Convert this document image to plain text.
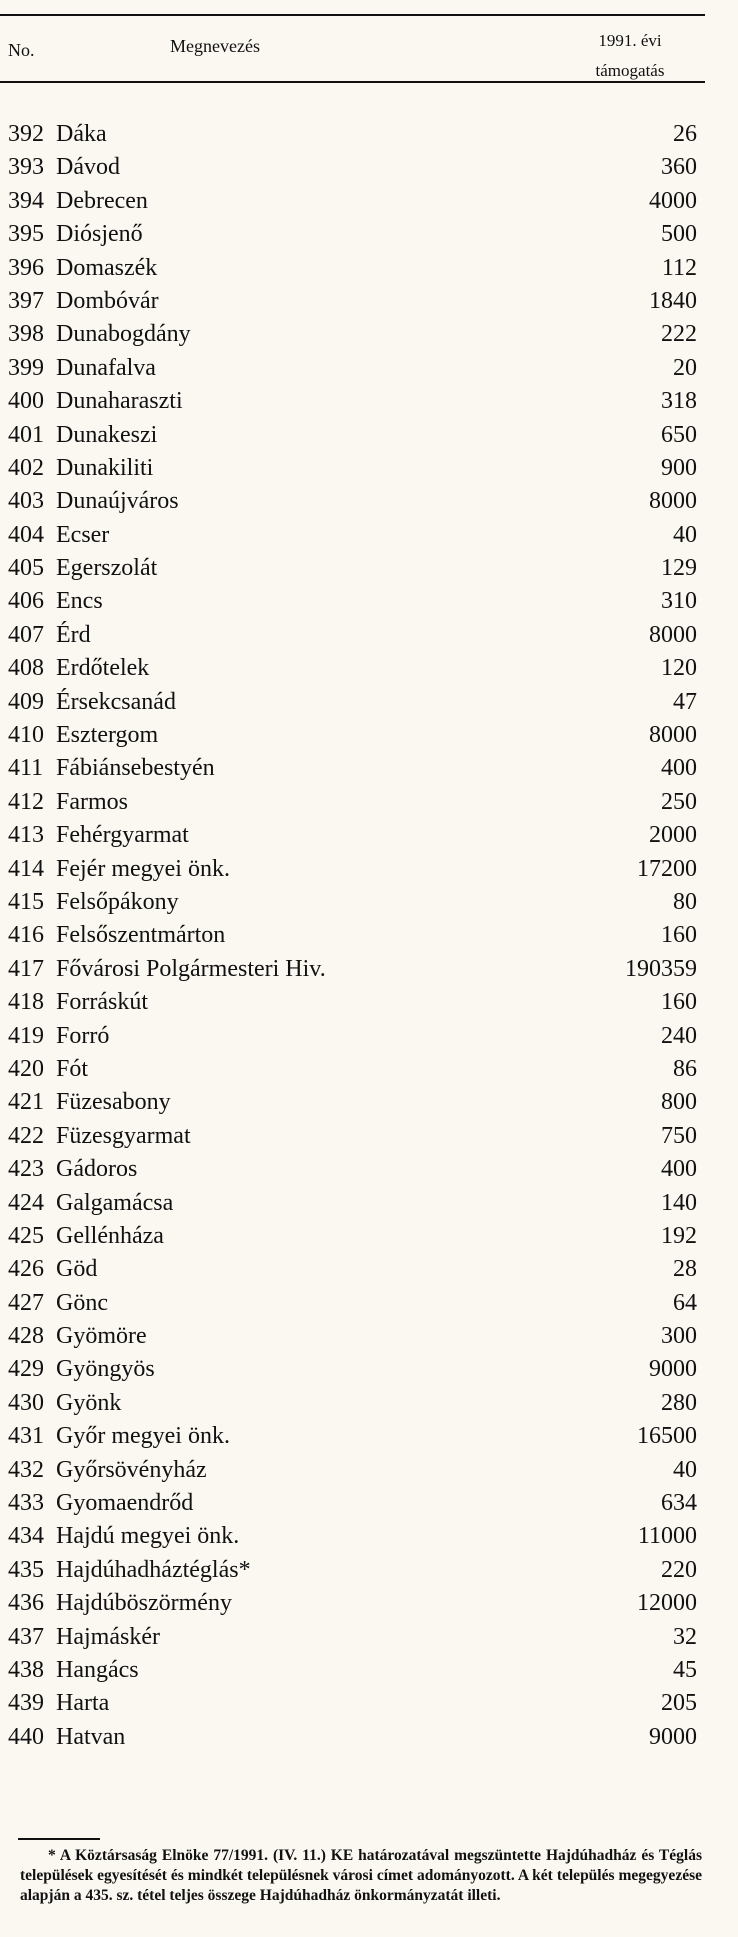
No.	Megnevezés	1991. évi
támogatás
392 Dáka	26
393 Dávod	360
394 Debrecen	4000
395 Diósjenő	500
396 Domaszék	112
397 Dombóvár	1840
398 Dunabogdány	222
399 Dunafalva	20
400 Dunaharaszti	318
401 Dunakeszi	650
402 Dunakiliti	900
403 Dunaújváros	8000
404 Ecser	40
405 Egerszolát	129
406 Encs	310
407 Érd	8000
408 Erdőtelek	120
409 Érsekcsanád	47
410 Esztergom	8000
411 Fábiánsebestyén	400
412 Farmos	250
413 Fehérgyarmat	2000
414 Fejér megyei önk.	17200
415 Felsőpákony	80
416 Felsőszentmárton	160
417 Fővárosi Polgármesteri Hiv.	190359
418 Forráskút	160
419 Forró	240
420 Fót	86
421 Füzesabony	800
422 Füzesgyarmat	750
423 Gádoros	400
424 Galgamácsa	140
425 Gellénháza	192
426 Göd	28
427 Gönc	64
428 Gyömöre	300
429 Gyöngyös	9000
430 Gyönk	280
431 Győr megyei önk.	16500
432 Győrsövényház	40
433 Gyomaendrőd	634
434 Hajdú megyei önk.	11000
435 Hajdúhadháztéglás*	220
436 Hajdúböszörmény	12000
437 Hajmáskér	32
438 Hangács	45
439 Harta	205
440 Hatvan	9000
* A Köztársaság Elnöke 77/1991. (IV. 11.) KE határozatával megszüntette Hajdúhadház és Téglás települések egyesítését és mindkét településnek városi címet adományozott. A két település megegyezése alapján a 435. sz. tétel teljes összege Hajdúhadház önkormányzatát illeti.
